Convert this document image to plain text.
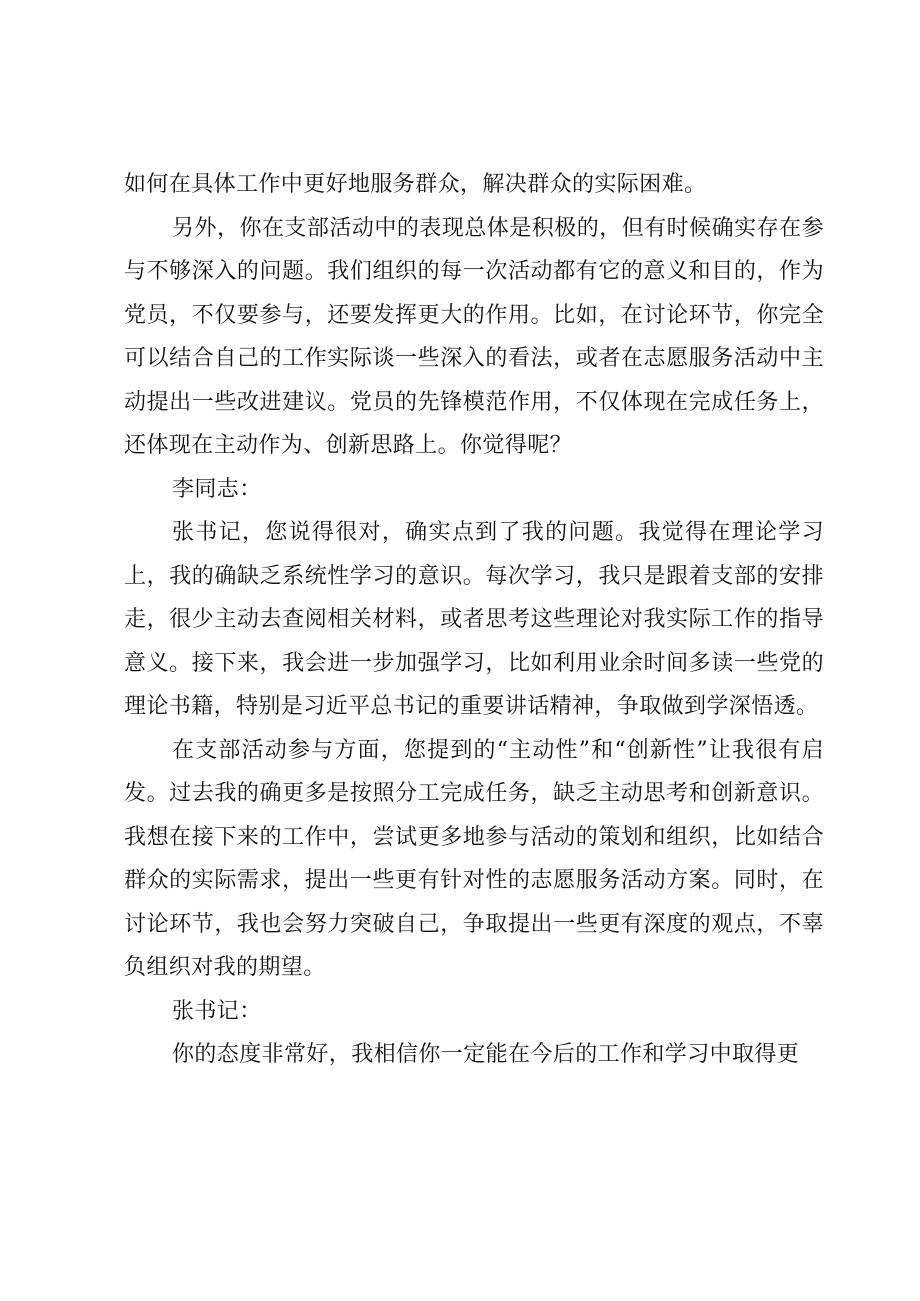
如何在具体工作中更好地服务群众，解决群众的实际困难。

另外，你在支部活动中的表现总体是积极的，但有时候确实存在参与不够深入的问题。我们组织的每一次活动都有它的意义和目的，作为党员，不仅要参与，还要发挥更大的作用。比如，在讨论环节，你完全可以结合自己的工作实际谈一些深入的看法，或者在志愿服务活动中主动提出一些改进建议。党员的先锋模范作用，不仅体现在完成任务上，还体现在主动作为、创新思路上。你觉得呢？

李同志：

张书记，您说得很对，确实点到了我的问题。我觉得在理论学习上，我的确缺乏系统性学习的意识。每次学习，我只是跟着支部的安排走，很少主动去查阅相关材料，或者思考这些理论对我实际工作的指导意义。接下来，我会进一步加强学习，比如利用业余时间多读一些党的理论书籍，特别是习近平总书记的重要讲话精神，争取做到学深悟透。

在支部活动参与方面，您提到的“主动性”和“创新性”让我很有启发。过去我的确更多是按照分工完成任务，缺乏主动思考和创新意识。我想在接下来的工作中，尝试更多地参与活动的策划和组织，比如结合群众的实际需求，提出一些更有针对性的志愿服务活动方案。同时，在讨论环节，我也会努力突破自己，争取提出一些更有深度的观点，不辜负组织对我的期望。

张书记：

你的态度非常好，我相信你一定能在今后的工作和学习中取得更
